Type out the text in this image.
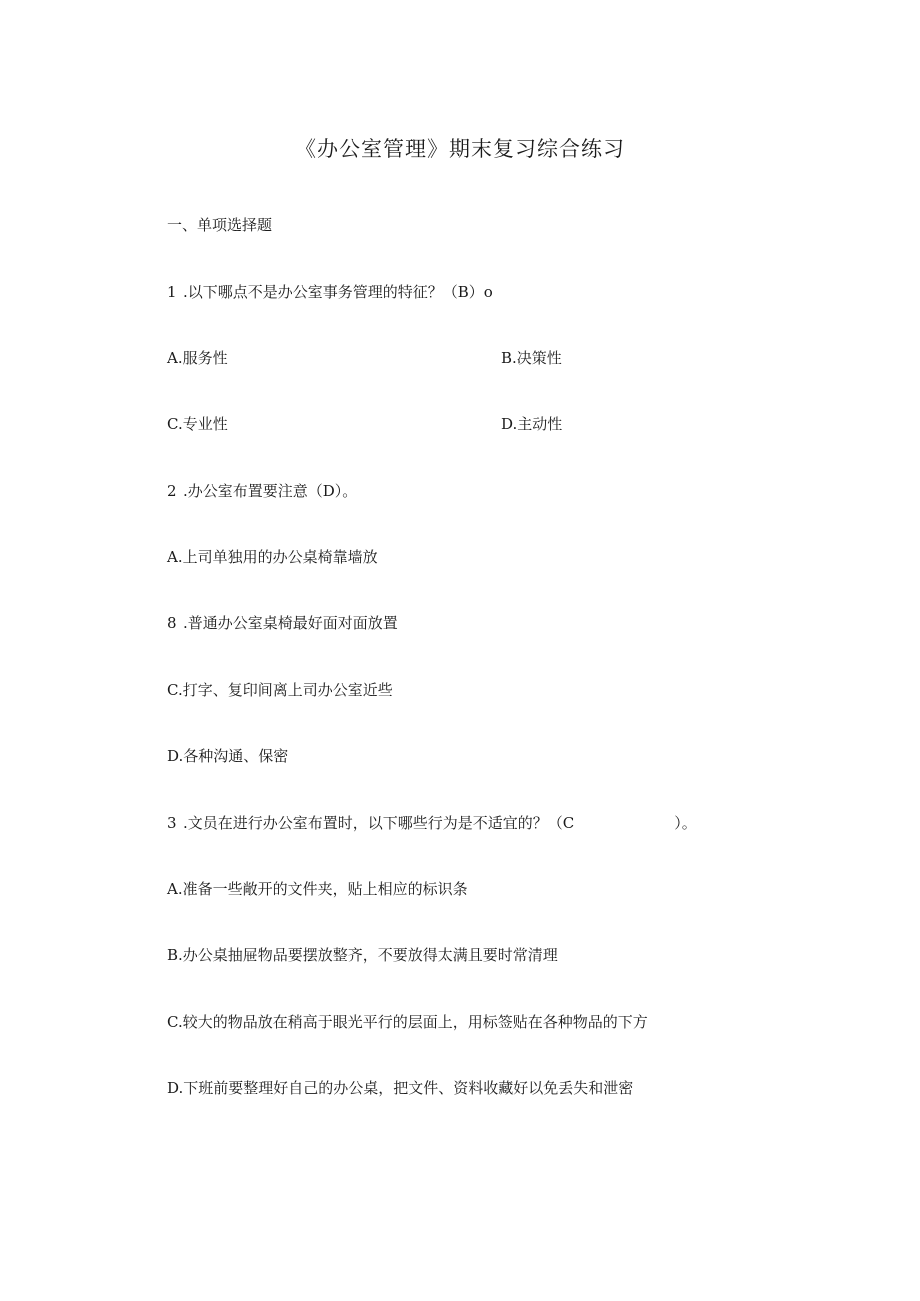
《办公室管理》期末复习综合练习
一、单项选择题
1 .以下哪点不是办公室事务管理的特征？（B）o
A.服务性	B.决策性
C.专业性	D.主动性
2 .办公室布置要注意（D）。
A.上司单独用的办公桌椅靠墙放
8 .普通办公室桌椅最好面对面放置
C.打字、复印间离上司办公室近些
D.各种沟通、保密
3 .文员在进行办公室布置时，以下哪些行为是不适宜的？（C	）。
A.准备一些敞开的文件夹，贴上相应的标识条
B.办公桌抽屉物品要摆放整齐，不要放得太满且要时常清理
C.较大的物品放在稍高于眼光平行的层面上，用标签贴在各种物品的下方
D.下班前要整理好自己的办公桌，把文件、资料收藏好以免丢失和泄密
